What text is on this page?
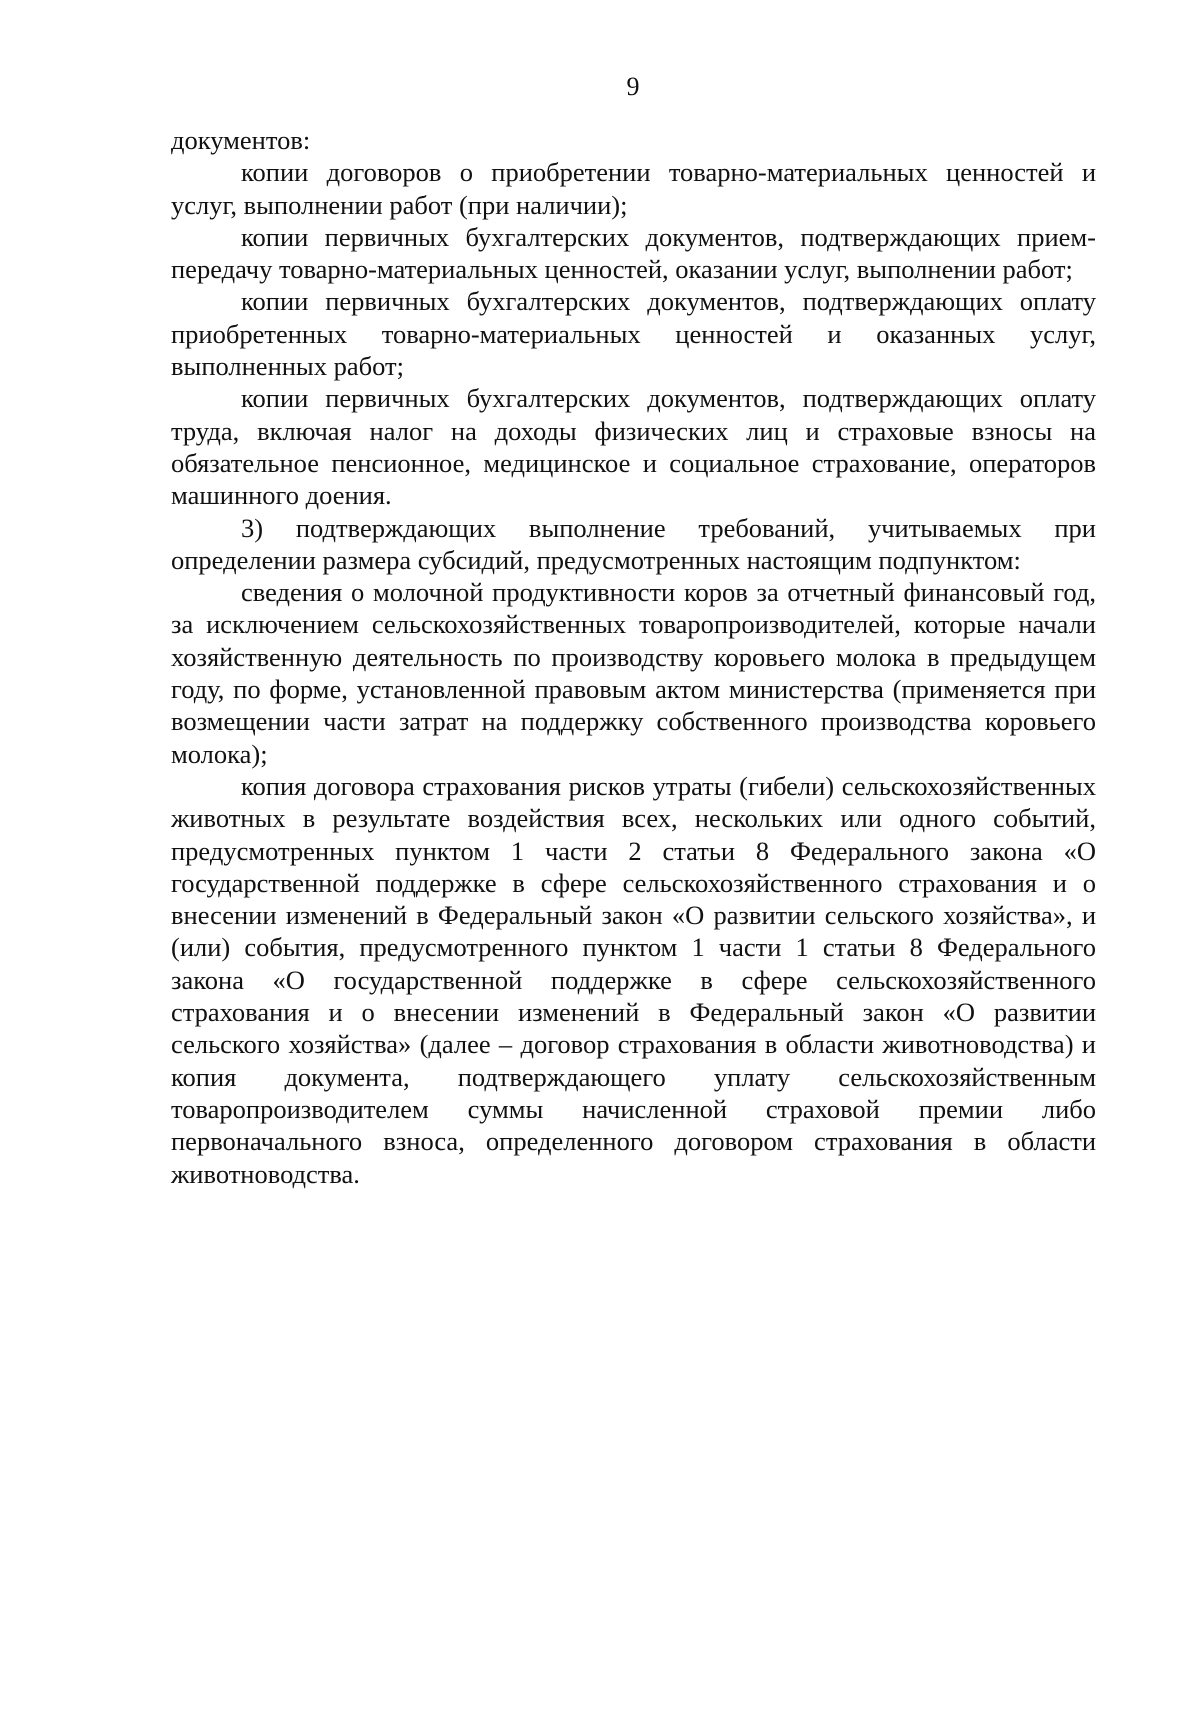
9

документов:

копии договоров о приобретении товарно-материальных ценностей и услуг, выполнении работ (при наличии);

копии первичных бухгалтерских документов, подтверждающих прием-передачу товарно-материальных ценностей, оказании услуг, выполнении работ;

копии первичных бухгалтерских документов, подтверждающих оплату приобретенных товарно-материальных ценностей и оказанных услуг, выполненных работ;

копии первичных бухгалтерских документов, подтверждающих оплату труда, включая налог на доходы физических лиц и страховые взносы на обязательное пенсионное, медицинское и социальное страхование, операторов машинного доения.

3) подтверждающих выполнение требований, учитываемых при определении размера субсидий, предусмотренных настоящим подпунктом:

сведения о молочной продуктивности коров за отчетный финансовый год, за исключением сельскохозяйственных товаропроизводителей, которые начали хозяйственную деятельность по производству коровьего молока в предыдущем году, по форме, установленной правовым актом министерства (применяется при возмещении части затрат на поддержку собственного производства коровьего молока);

копия договора страхования рисков утраты (гибели) сельскохозяйственных животных в результате воздействия всех, нескольких или одного событий, предусмотренных пунктом 1 части 2 статьи 8 Федерального закона «О государственной поддержке в сфере сельскохозяйственного страхования и о внесении изменений в Федеральный закон «О развитии сельского хозяйства», и (или) события, предусмотренного пунктом 1 части 1 статьи 8 Федерального закона «О государственной поддержке в сфере сельскохозяйственного страхования и о внесении изменений в Федеральный закон «О развитии сельского хозяйства» (далее – договор страхования в области животноводства) и копия документа, подтверждающего уплату сельскохозяйственным товаропроизводителем суммы начисленной страховой премии либо первоначального взноса, определенного договором страхования в области животноводства.
